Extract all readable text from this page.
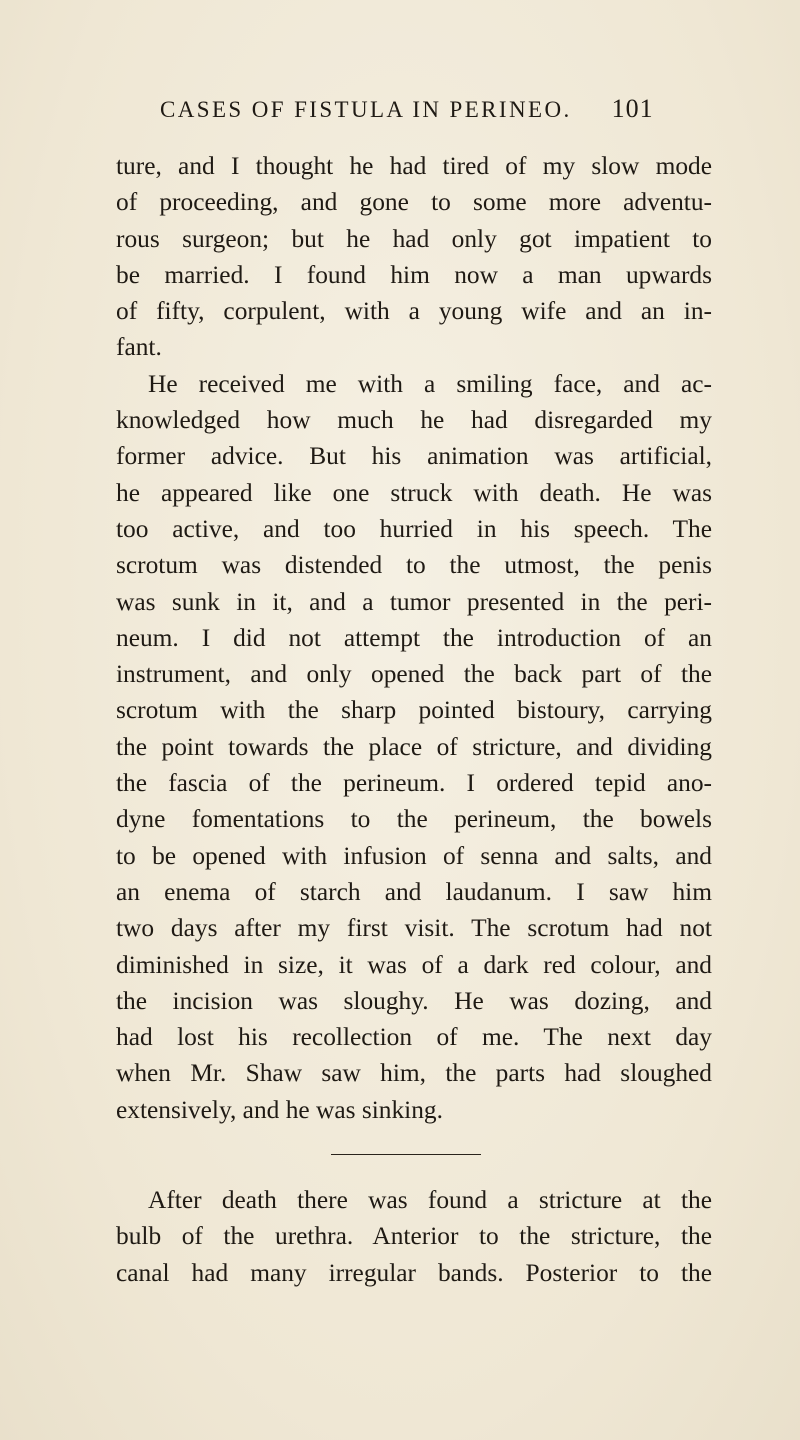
CASES OF FISTULA IN PERINEO. 101
ture, and I thought he had tired of my slow mode
of proceeding, and gone to some more adventu-
rous surgeon; but he had only got impatient to
be married. I found him now a man upwards
of fifty, corpulent, with a young wife and an in-
fant.
He received me with a smiling face, and ac-
knowledged how much he had disregarded my
former advice. But his animation was artificial,
he appeared like one struck with death. He was
too active, and too hurried in his speech. The
scrotum was distended to the utmost, the penis
was sunk in it, and a tumor presented in the peri-
neum. I did not attempt the introduction of an
instrument, and only opened the back part of the
scrotum with the sharp pointed bistoury, carrying
the point towards the place of stricture, and dividing
the fascia of the perineum. I ordered tepid ano-
dyne fomentations to the perineum, the bowels
to be opened with infusion of senna and salts, and
an enema of starch and laudanum. I saw him
two days after my first visit. The scrotum had not
diminished in size, it was of a dark red colour, and
the incision was sloughy. He was dozing, and
had lost his recollection of me. The next day
when Mr. Shaw saw him, the parts had sloughed
extensively, and he was sinking.
After death there was found a stricture at the
bulb of the urethra. Anterior to the stricture, the
canal had many irregular bands. Posterior to the
